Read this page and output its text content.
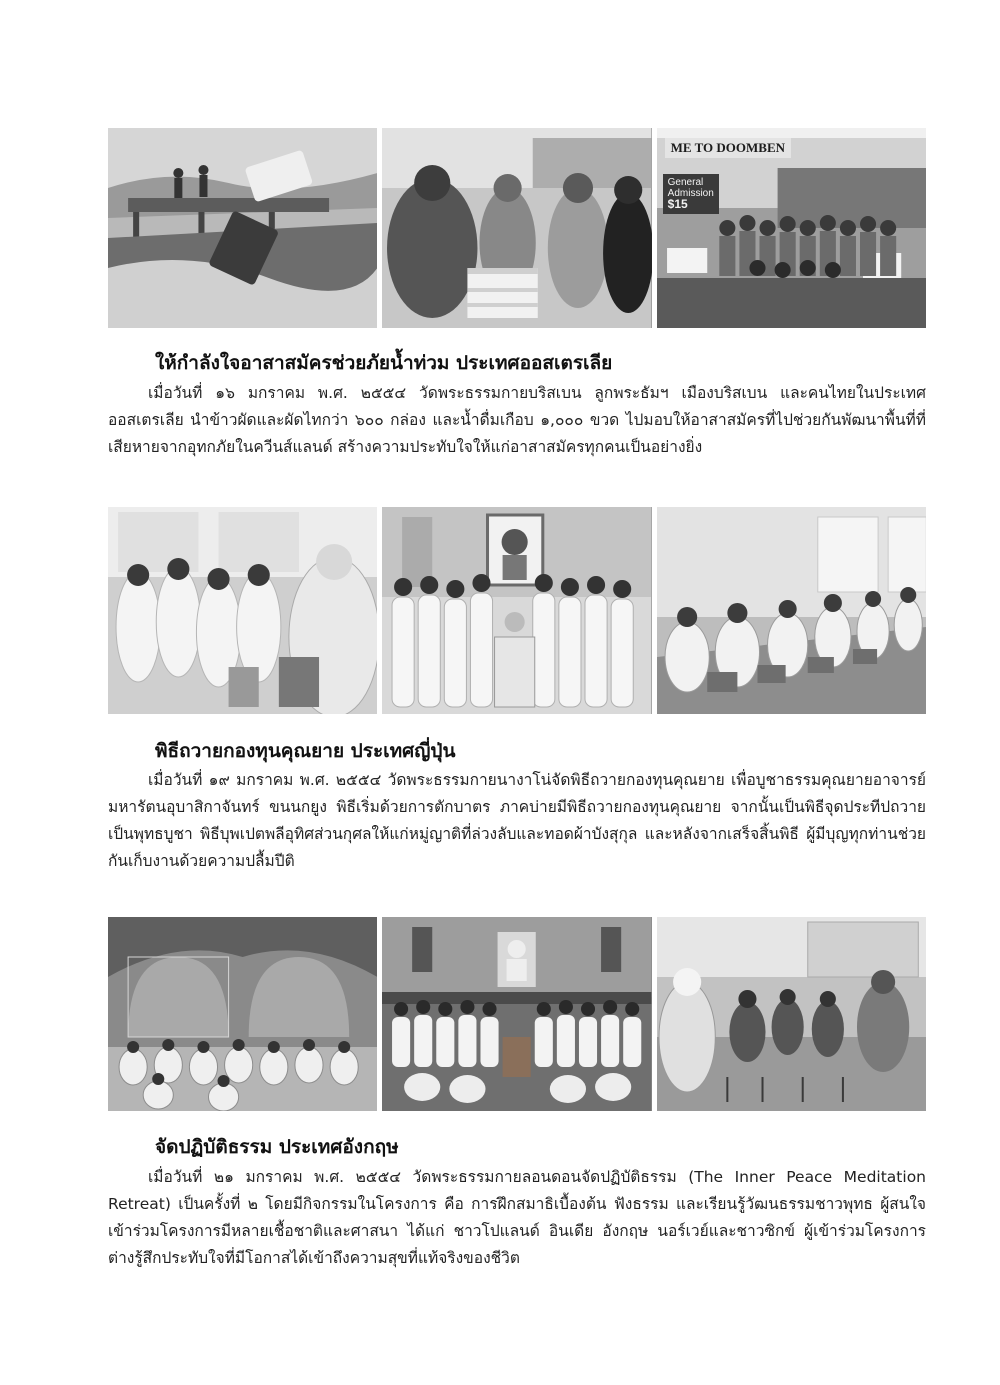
ME TO DOOMBEN
General
Admission
$15
ให้กำลังใจอาสาสมัครช่วยภัยน้ำท่วม ประเทศออสเตรเลีย

เมื่อวันที่ ๑๖ มกราคม พ.ศ. ๒๕๕๔ วัดพระธรรมกายบริสเบน ลูกพระธัมฯ เมืองบริสเบน และคนไทยในประเทศออสเตรเลีย นำข้าวผัดและผัดไทกว่า ๖๐๐ กล่อง และน้ำดื่มเกือบ ๑,๐๐๐ ขวด ไปมอบให้อาสาสมัครที่ไปช่วยกันพัฒนาพื้นที่ที่เสียหายจากอุทกภัยในควีนส์แลนด์ สร้างความประทับใจให้แก่อาสาสมัครทุกคนเป็นอย่างยิ่ง

พิธีถวายกองทุนคุณยาย ประเทศญี่ปุ่น

เมื่อวันที่ ๑๙ มกราคม พ.ศ. ๒๕๕๔ วัดพระธรรมกายนางาโน่จัดพิธีถวายกองทุนคุณยาย เพื่อบูชาธรรมคุณยายอาจารย์มหารัตนอุบาสิกาจันทร์ ขนนกยูง พิธีเริ่มด้วยการตักบาตร ภาคบ่ายมีพิธีถวายกองทุนคุณยาย จากนั้นเป็นพิธีจุดประทีปถวายเป็นพุทธบูชา พิธีบุพเปตพลีอุทิศส่วนกุศลให้แก่หมู่ญาติที่ล่วงลับและทอดผ้าบังสุกุล และหลังจากเสร็จสิ้นพิธี ผู้มีบุญทุกท่านช่วยกันเก็บงานด้วยความปลื้มปีติ

จัดปฏิบัติธรรม ประเทศอังกฤษ

เมื่อวันที่ ๒๑ มกราคม พ.ศ. ๒๕๕๔ วัดพระธรรมกายลอนดอนจัดปฏิบัติธรรม (The Inner Peace Meditation Retreat) เป็นครั้งที่ ๒ โดยมีกิจกรรมในโครงการ คือ การฝึกสมาธิเบื้องต้น ฟังธรรม และเรียนรู้วัฒนธรรมชาวพุทธ ผู้สนใจเข้าร่วมโครงการมีหลายเชื้อชาติและศาสนา ได้แก่ ชาวโปแลนด์ อินเดีย อังกฤษ นอร์เวย์และชาวซิกข์ ผู้เข้าร่วมโครงการต่างรู้สึกประทับใจที่มีโอกาสได้เข้าถึงความสุขที่แท้จริงของชีวิต
